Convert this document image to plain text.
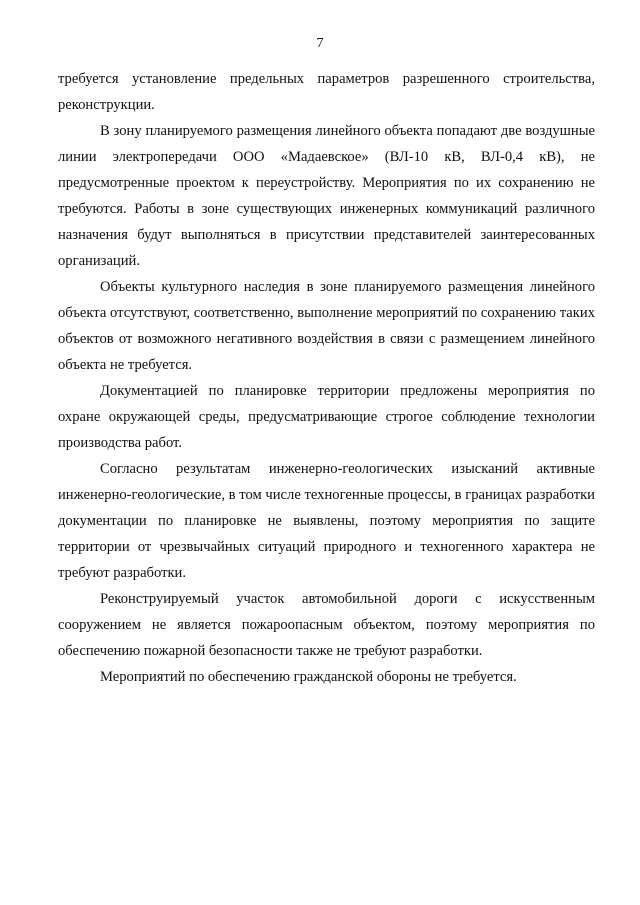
7

требуется установление предельных параметров разрешенного строительства, реконструкции.

В зону планируемого размещения линейного объекта попадают две воздушные линии электропередачи ООО «Мадаевское» (ВЛ-10 кВ, ВЛ-0,4 кВ), не предусмотренные проектом к переустройству. Мероприятия по их сохранению не требуются. Работы в зоне существующих инженерных коммуникаций различного назначения будут выполняться в присутствии представителей заинтересованных организаций.

Объекты культурного наследия в зоне планируемого размещения линейного объекта отсутствуют, соответственно, выполнение мероприятий по сохранению таких объектов от возможного негативного воздействия в связи с размещением линейного объекта не требуется.

Документацией по планировке территории предложены мероприятия по охране окружающей среды, предусматривающие строгое соблюдение технологии производства работ.

Согласно результатам инженерно-геологических изысканий активные инженерно-геологические, в том числе техногенные процессы, в границах разработки документации по планировке не выявлены, поэтому мероприятия по защите территории от чрезвычайных ситуаций природного и техногенного характера не требуют разработки.

Реконструируемый участок автомобильной дороги с искусственным сооружением не является пожароопасным объектом, поэтому мероприятия по обеспечению пожарной безопасности также не требуют разработки.

Мероприятий по обеспечению гражданской обороны не требуется.
